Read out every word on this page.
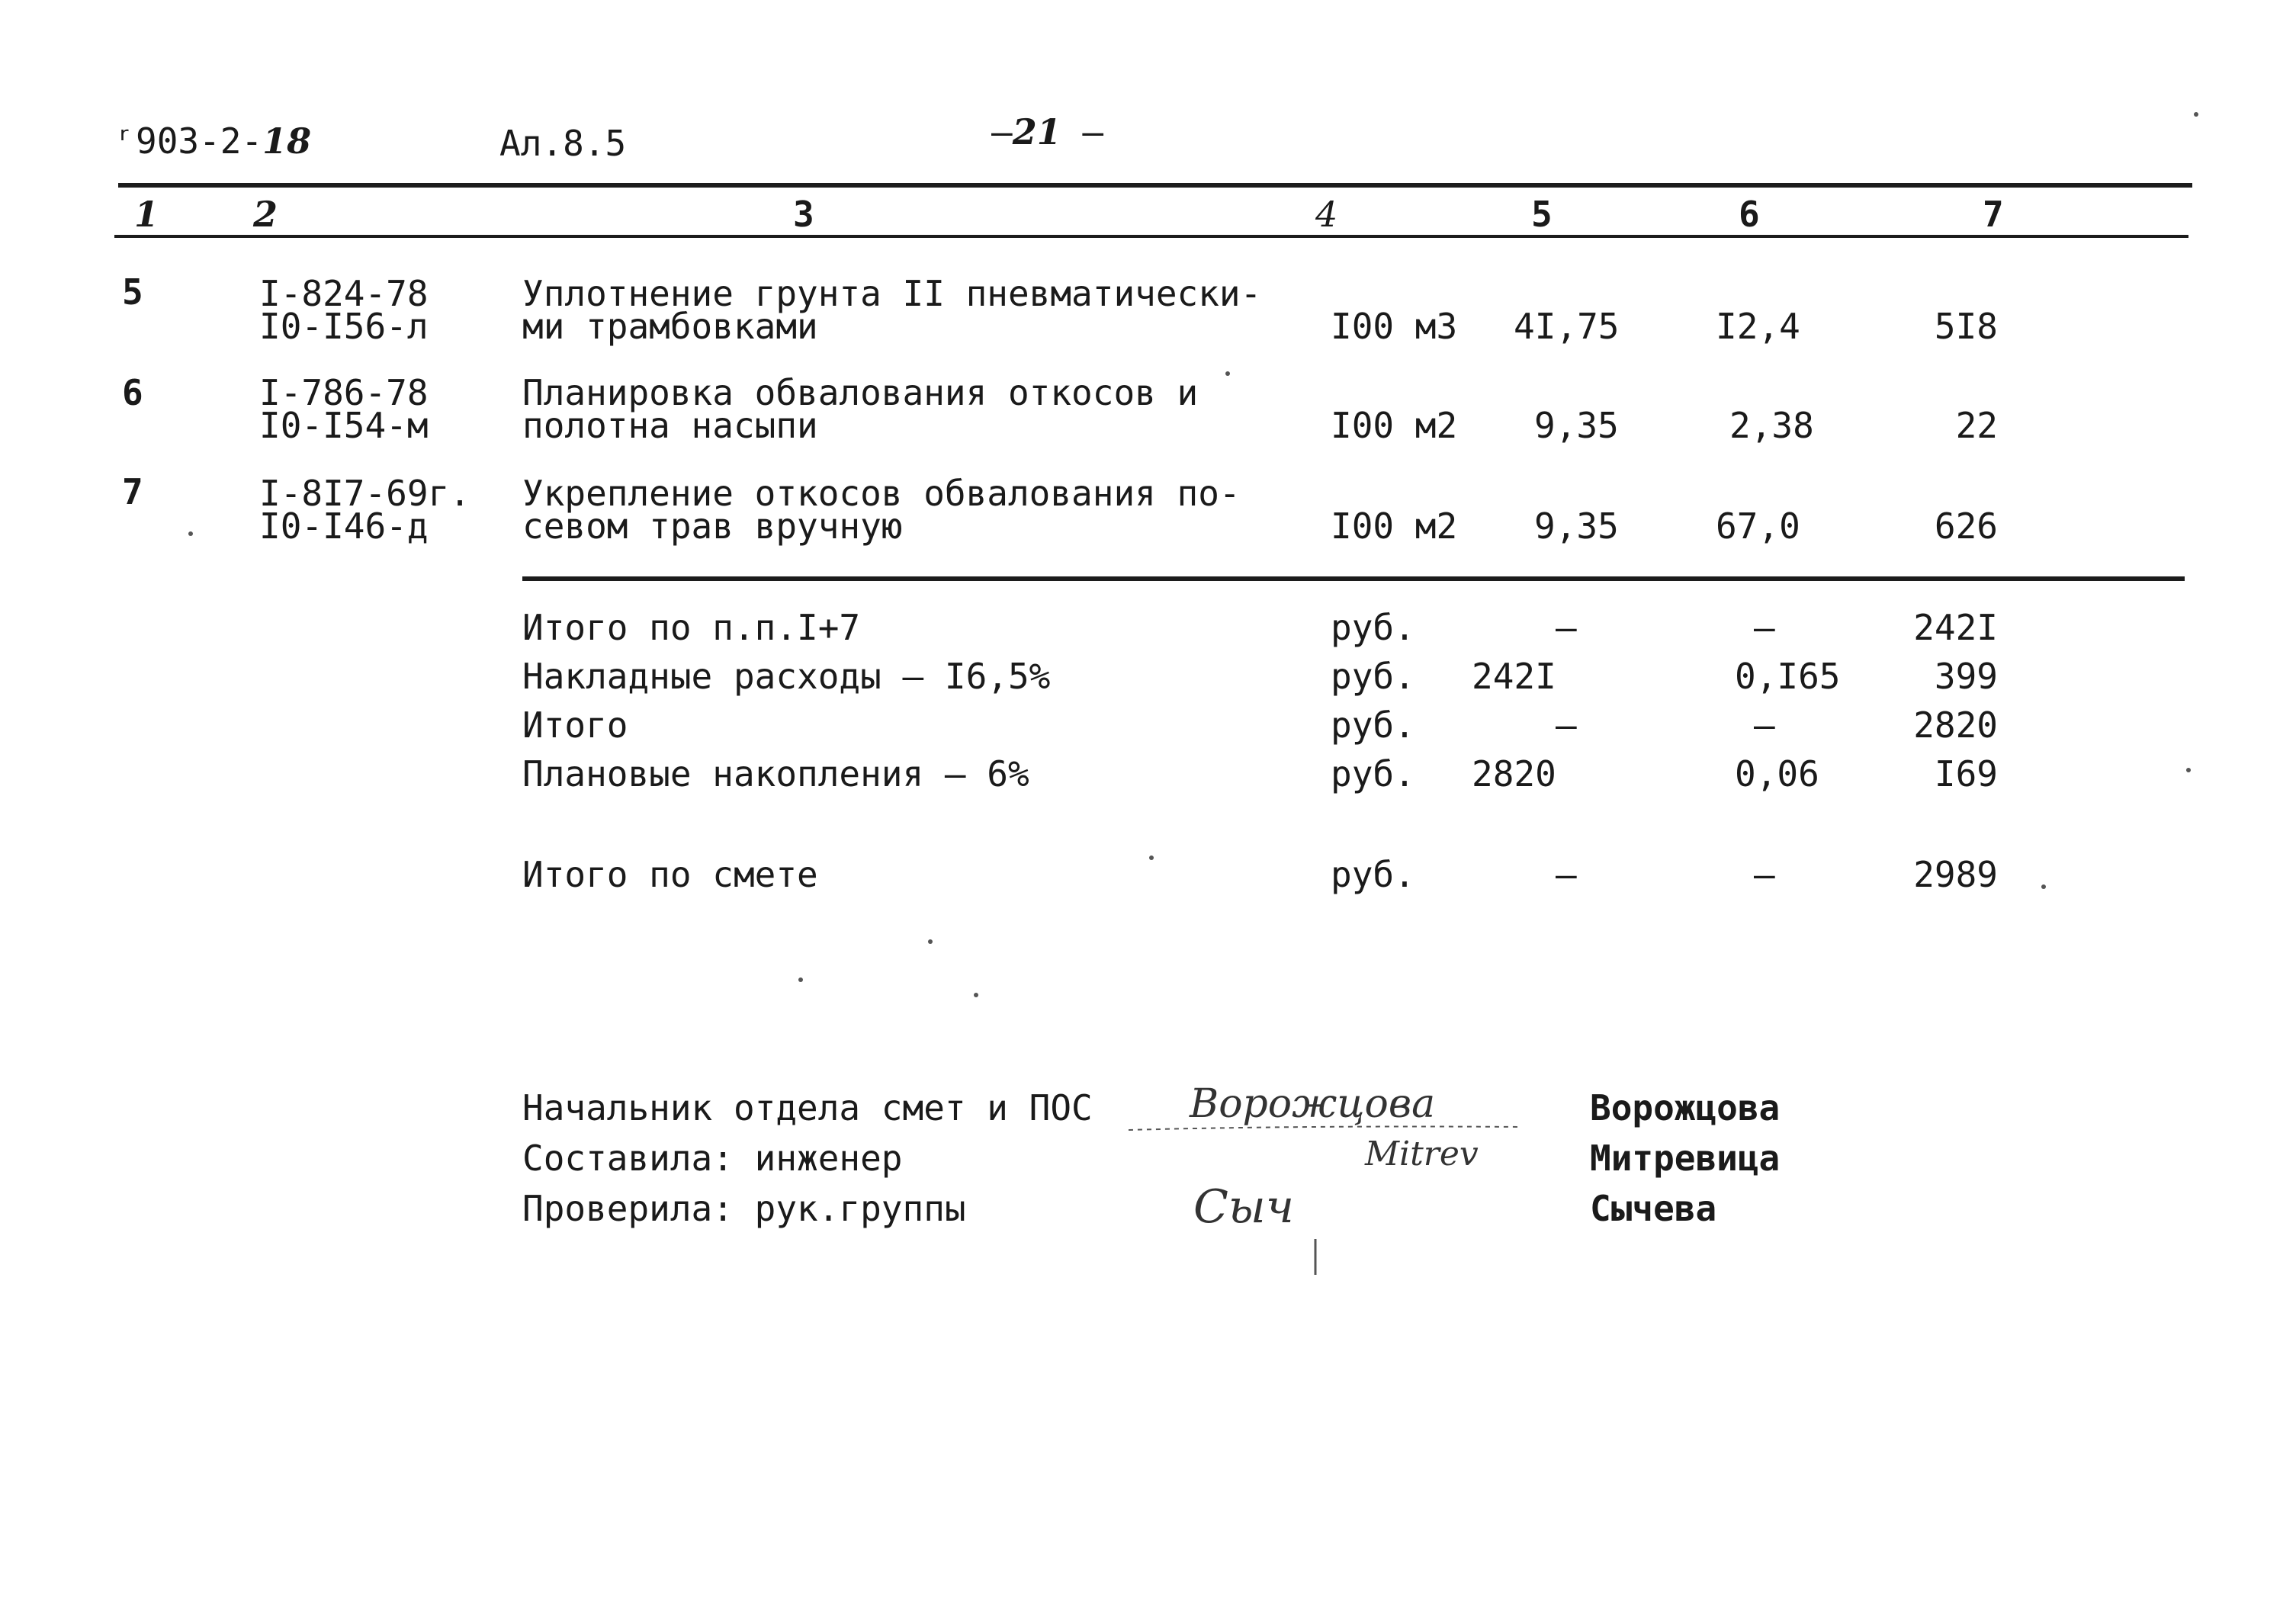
ʳ 903-2-18	Ал.8.5	–21 –
1	2	3	4	5	6	7
5	I-824-78
I0-I56-л
Уплотнение грунта II пневматически-
ми трамбовками	I00 м3 4I,75	I2,4	5I8
6	I-786-78
I0-I54-м
Планировка обвалования откосов и
полотна насыпи	I00 м2 9,35	2,38	22
7	I-8I7-69г.
I0-I46-д
Укрепление откосов обвалования по-
севом трав вручную	I00 м2 9,35	67,0	626
Итого по п.п.I+7	руб.	–	–	242I
Накладные расходы – I6,5%	руб. 242I	0,I65	399
Итого	руб.	–	–	2820
Плановые накопления – 6%	руб. 2820	0,06	I69
Итого по смете	руб.	–	–	2989
Начальник отдела смет и ПОС
Составила: инженер
Проверила: рук.группы
Ворожцова
Mitrev
Сыч
Ворожцова
Митревица
Сычева
